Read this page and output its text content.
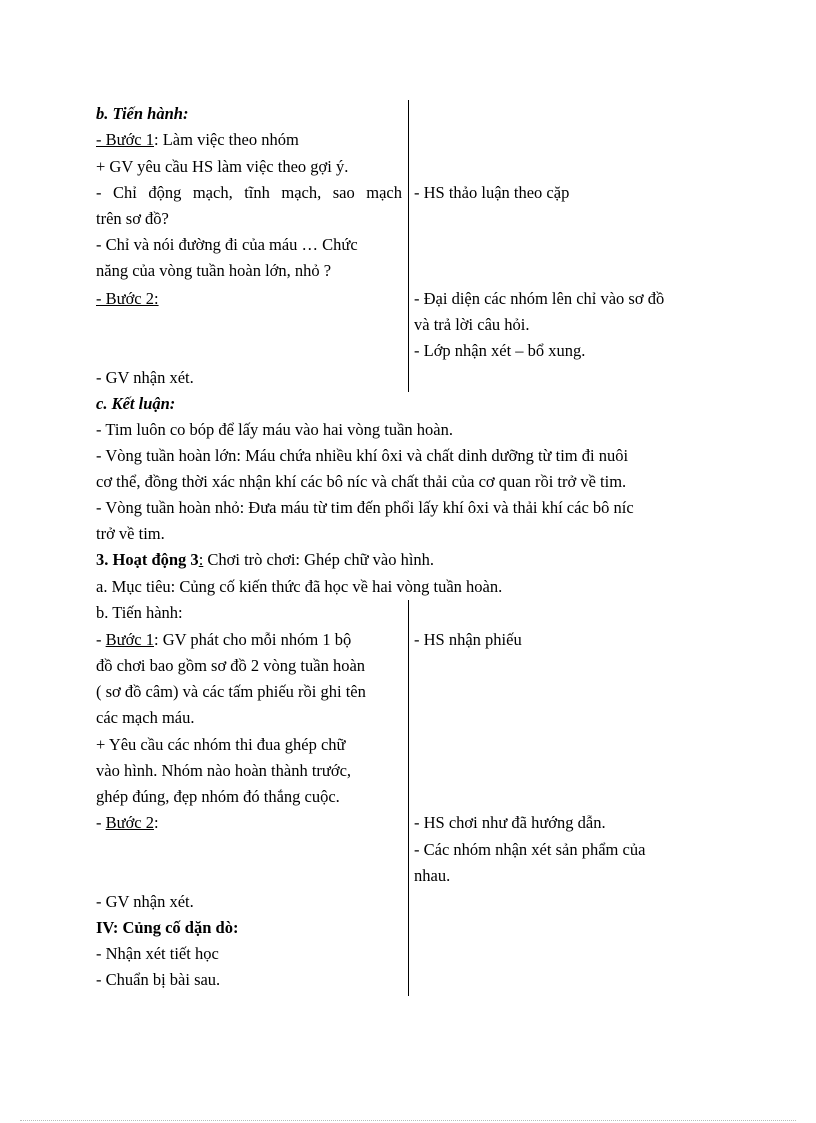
b. Tiến hành:
- Bước 1: Làm việc theo nhóm
+ GV yêu cầu HS làm việc theo gợi ý.
- Chỉ động mạch, tĩnh mạch, sao mạch
trên sơ đồ?
- Chỉ và nói đường đi của máu … Chức
năng của vòng tuần hoàn lớn, nhỏ ?
- Bước 2:
- GV nhận xét.
- HS thảo luận theo cặp
- Đại diện các nhóm lên chỉ vào sơ đồ
và trả lời câu hỏi.
- Lớp nhận xét – bổ xung.
c. Kết luận:
- Tim luôn co bóp để lấy máu vào hai vòng tuần hoàn.
- Vòng tuần hoàn lớn: Máu chứa nhiều khí ôxi và chất dinh dưỡng từ tim đi nuôi
cơ thể, đồng thời xác nhận khí các bô níc và chất thải của cơ quan rồi trở về tim.
- Vòng tuần hoàn nhỏ: Đưa máu từ tim đến phổi lấy khí ôxi và thải khí các bô níc
trở về tim.
3. Hoạt động 3: Chơi trò chơi: Ghép chữ vào hình.
a. Mục tiêu: Củng cố kiến thức đã học về hai vòng tuần hoàn.
b. Tiến hành:
- Bước 1: GV phát cho mỗi nhóm 1 bộ
đồ chơi bao gồm sơ đồ 2 vòng tuần hoàn
( sơ đồ câm) và các tấm phiếu rồi ghi tên
các mạch máu.
+ Yêu cầu các nhóm thi đua ghép chữ
vào hình. Nhóm nào hoàn thành trước,
ghép đúng, đẹp nhóm đó thắng cuộc.
- Bước 2:
- GV nhận xét.
- HS nhận phiếu
- HS chơi như đã hướng dẫn.
- Các nhóm nhận xét sản phẩm của
nhau.
IV: Củng cố dặn dò:
- Nhận xét tiết học
- Chuẩn bị bài sau.
